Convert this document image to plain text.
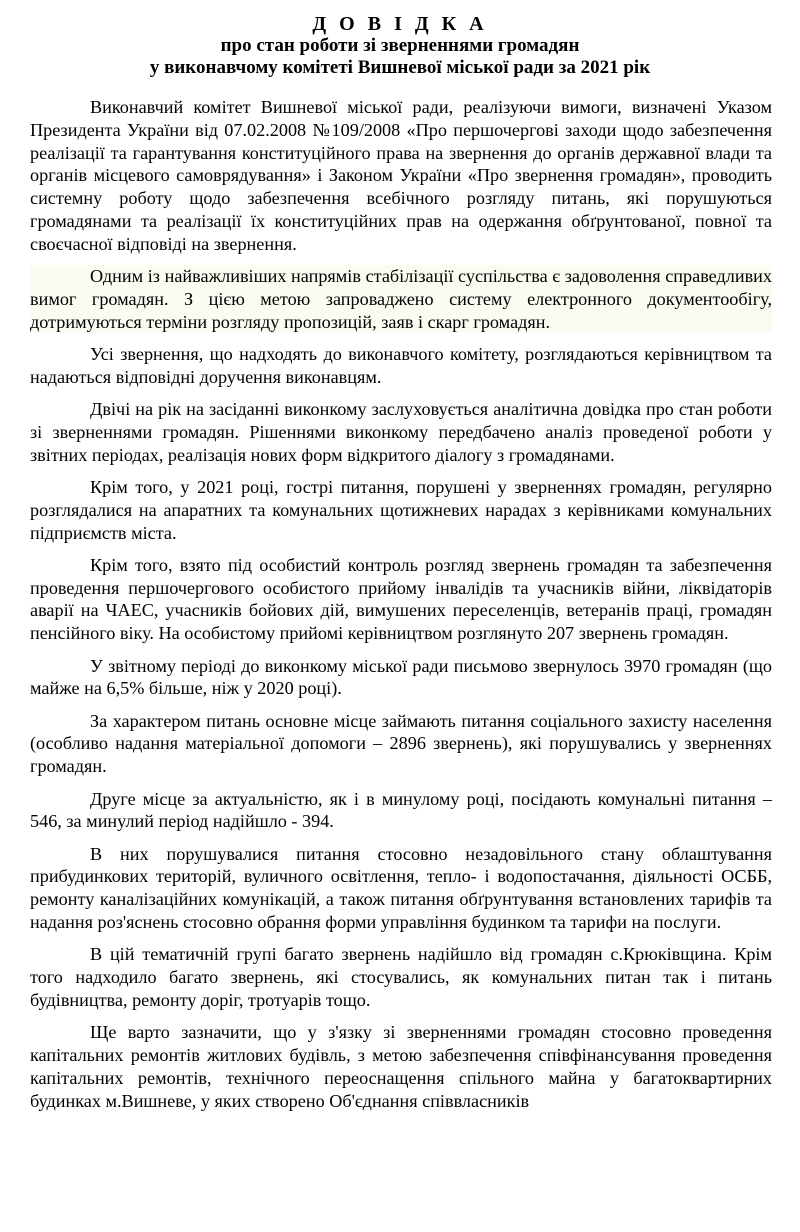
Д О В І Д К А
про стан роботи зі зверненнями громадян
у виконавчому комітеті Вишневої міської ради за 2021 рік

Виконавчий комітет Вишневої міської ради, реалізуючи вимоги, визначені Указом Президента України від 07.02.2008 №109/2008 «Про першочергові заходи щодо забезпечення реалізації та гарантування конституційного права на звернення до органів державної влади та органів місцевого самоврядування» і Законом України «Про звернення громадян», проводить системну роботу щодо забезпечення всебічного розгляду питань, які порушуються громадянами та реалізації їх конституційних прав на одержання обґрунтованої, повної та своєчасної відповіді на звернення.

Одним із найважливіших напрямів стабілізації суспільства є задоволення справедливих вимог громадян. З цією метою запроваджено систему електронного документообігу, дотримуються терміни розгляду пропозицій, заяв і скарг громадян.

Усі звернення, що надходять до виконавчого комітету, розглядаються керівництвом та надаються відповідні доручення виконавцям.

Двічі на рік на засіданні виконкому заслуховується аналітична довідка про стан роботи зі зверненнями громадян. Рішеннями виконкому передбачено аналіз проведеної роботи у звітних періодах, реалізація нових форм відкритого діалогу з громадянами.

Крім того, у 2021 році, гострі питання, порушені у зверненнях громадян, регулярно розглядалися на апаратних та комунальних щотижневих нарадах з керівниками комунальних підприємств міста.

Крім того, взято під особистий контроль розгляд звернень громадян та забезпечення проведення першочергового особистого прийому інвалідів та учасників війни, ліквідаторів аварії на ЧАЕС, учасників бойових дій, вимушених переселенців, ветеранів праці, громадян пенсійного віку. На особистому прийомі керівництвом розглянуто 207 звернень громадян.

У звітному періоді до виконкому міської ради письмово звернулось 3970 громадян (що майже на 6,5% більше, ніж у 2020 році).

За характером питань основне місце займають питання соціального захисту населення (особливо надання матеріальної допомоги – 2896 звернень), які порушувались у зверненнях громадян.

Друге місце за актуальністю, як і в минулому році, посідають комунальні питання – 546, за минулий період надійшло - 394.

В них порушувалися питання стосовно незадовільного стану облаштування прибудинкових територій, вуличного освітлення, тепло- і водопостачання, діяльності ОСББ, ремонту каналізаційних комунікацій, а також питання обґрунтування встановлених тарифів та надання роз'яснень стосовно обрання форми управління будинком та тарифи на послуги.

В цій тематичній групі багато звернень надійшло від громадян с.Крюківщина. Крім того надходило багато звернень, які стосувались, як комунальних питан так і питань будівництва, ремонту доріг, тротуарів тощо.

Ще варто зазначити, що у з'язку зі зверненнями громадян стосовно проведення капітальних ремонтів житлових будівль, з метою забезпечення співфінансування проведення капітальних ремонтів, технічного переоснащення спільного майна у багатоквартирних будинках м.Вишневе, у яких створено Об'єднання співвласників
